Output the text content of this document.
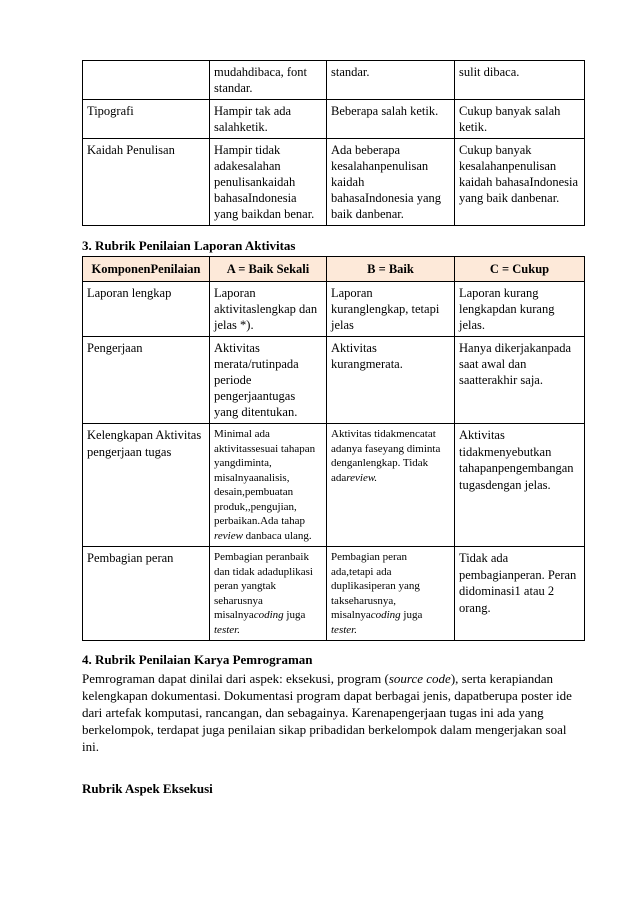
	mudahdibaca, font standar.	standar.	sulit dibaca.
Tipografi	Hampir tak ada salahketik.	Beberapa salah ketik.	Cukup banyak salah ketik.
Kaidah Penulisan	Hampir tidak adakesalahan penulisankaidah bahasaIndonesia yang baikdan benar.	Ada beberapa kesalahanpenulisan kaidah bahasaIndonesia yang baik danbenar.	Cukup banyak kesalahanpenulisan kaidah bahasaIndonesia yang baik danbenar.
3. Rubrik Penilaian Laporan Aktivitas
KomponenPenilaian	A = Baik Sekali	B = Baik	C = Cukup
Laporan lengkap	Laporan aktivitaslengkap dan jelas *).	Laporan kuranglengkap, tetapi jelas	Laporan kurang lengkapdan kurang jelas.
Pengerjaan	Aktivitas merata/rutinpada periode pengerjaantugas yang ditentukan.	Aktivitas kurangmerata.	Hanya dikerjakanpada saat awal dan saatterakhir saja.
Kelengkapan Aktivitas pengerjaan tugas	Minimal ada aktivitassesuai tahapan yangdiminta, misalnyaanalisis, desain,pembuatan produk,,pengujian, perbaikan.Ada tahap review danbaca ulang.	Aktivitas tidakmencatat adanya faseyang diminta denganlengkap. Tidak adareview.	Aktivitas tidakmenyebutkan tahapanpengembangan tugasdengan jelas.
Pembagian peran	Pembagian peranbaik dan tidak adaduplikasi peran yangtak seharusnya misalnyacoding juga tester.	Pembagian peran ada,tetapi ada duplikasiperan yang takseharusnya, misalnyacoding juga tester.	Tidak ada pembagianperan. Peran didominasi1 atau 2 orang.
4. Rubrik Penilaian Karya Pemrograman
Pemrograman dapat dinilai dari aspek: eksekusi, program (source code), serta kerapiandan kelengkapan dokumentasi. Dokumentasi program dapat berbagai jenis, dapatberupa poster ide dari artefak komputasi, rancangan, dan sebagainya. Karenapengerjaan tugas ini ada yang berkelompok, terdapat juga penilaian sikap pribadidan berkelompok dalam mengerjakan soal ini.
Rubrik Aspek Eksekusi
